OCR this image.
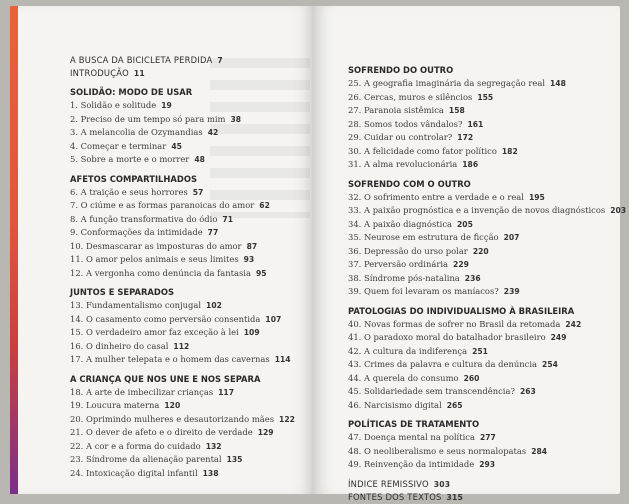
A BUSCA DA BICICLETA PERDIDA 7
INTRODUÇÃO 11
SOLIDÃO: MODO DE USAR
1. Solidão e solitude 19
2. Preciso de um tempo só para mim 38
3. A melancolia de Ozymandias 42
4. Começar e terminar 45
5. Sobre a morte e o morrer 48
AFETOS COMPARTILHADOS
6. A traição e seus horrores 57
7. O ciúme e as formas paranoicas do amor 62
8. A função transformativa do ódio 71
9. Conformações da intimidade 77
10. Desmascarar as imposturas do amor 87
11. O amor pelos animais e seus limites 93
12. A vergonha como denúncia da fantasia 95
JUNTOS E SEPARADOS
13. Fundamentalismo conjugal 102
14. O casamento como perversão consentida 107
15. O verdadeiro amor faz exceção à lei 109
16. O dinheiro do casal 112
17. A mulher telepata e o homem das cavernas 114
A CRIANÇA QUE NOS UNE E NOS SEPARA
18. A arte de imbecilizar crianças 117
19. Loucura materna 120
20. Oprimindo mulheres e desautorizando mães 122
21. O dever de afeto e o direito de verdade 129
22. A cor e a forma do cuidado 132
23. Síndrome da alienação parental 135
24. Intoxicação digital infantil 138
SOFRENDO DO OUTRO
25. A geografia imaginária da segregação real 148
26. Cercas, muros e silêncios 155
27. Paranoia sistêmica 158
28. Somos todos vândalos? 161
29. Cuidar ou controlar? 172
30. A felicidade como fator político 182
31. A alma revolucionária 186
SOFRENDO COM O OUTRO
32. O sofrimento entre a verdade e o real 195
33. A paixão prognóstica e a invenção de novos diagnósticos 203
34. A paixão diagnóstica 205
35. Neurose em estrutura de ficção 207
36. Depressão do urso polar 220
37. Perversão ordinária 229
38. Síndrome pós-natalina 236
39. Quem foi levaram os maníacos? 239
PATOLOGIAS DO INDIVIDUALISMO À BRASILEIRA
40. Novas formas de sofrer no Brasil da retomada 242
41. O paradoxo moral do batalhador brasileiro 249
42. A cultura da indiferença 251
43. Crimes da palavra e cultura da denúncia 254
44. A querela do consumo 260
45. Solidariedade sem transcendência? 263
46. Narcisismo digital 265
POLÍTICAS DE TRATAMENTO
47. Doença mental na política 277
48. O neoliberalismo e seus normalopatas 284
49. Reinvenção da intimidade 293
ÍNDICE REMISSIVO 303
FONTES DOS TEXTOS 315
